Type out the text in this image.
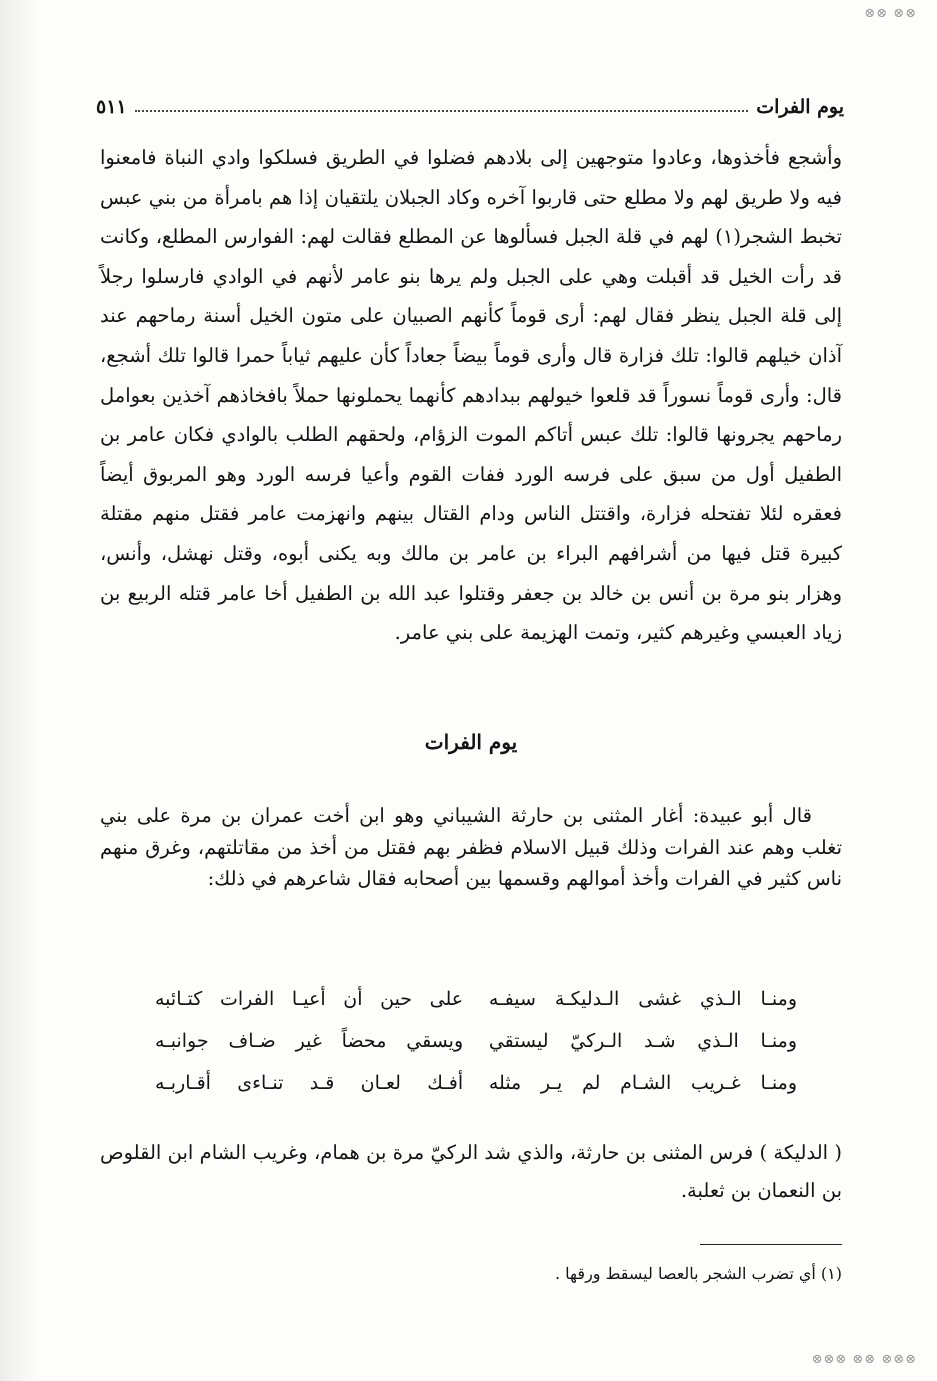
⊗⊗ ⊗⊗
يوم الفرات
٥١١

وأشجع فأخذوها، وعادوا متوجهين إلى بلادهم فضلوا في الطريق فسلكوا وادي النباة فامعنوا فيه ولا طريق لهم ولا مطلع حتى قاربوا آخره وكاد الجبلان يلتقيان إذا هم بامرأة من بني عبس تخبط الشجر(١) لهم في قلة الجبل فسألوها عن المطلع فقالت لهم: الفوارس المطلع، وكانت قد رأت الخيل قد أقبلت وهي على الجبل ولم يرها بنو عامر لأنهم في الوادي فارسلوا رجلاً إلى قلة الجبل ينظر فقال لهم: أرى قوماً كأنهم الصبيان على متون الخيل أسنة رماحهم عند آذان خيلهم قالوا: تلك فزارة قال وأرى قوماً بيضاً جعاداً كأن عليهم ثياباً حمرا قالوا تلك أشجع، قال: وأرى قوماً نسوراً قد قلعوا خيولهم ببدادهم كأنهما يحملونها حملاً بافخاذهم آخذين بعوامل رماحهم يجرونها قالوا: تلك عبس أتاكم الموت الزؤام، ولحقهم الطلب بالوادي فكان عامر بن الطفيل أول من سبق على فرسه الورد ففات القوم وأعيا فرسه الورد وهو المربوق أيضاً فعقره لئلا تفتحله فزارة، واقتتل الناس ودام القتال بينهم وانهزمت عامر فقتل منهم مقتلة كبيرة قتل فيها من أشرافهم البراء بن عامر بن مالك وبه يكنى أبوه، وقتل نهشل، وأنس، وهزار بنو مرة بن أنس بن خالد بن جعفر وقتلوا عبد الله بن الطفيل أخا عامر قتله الربيع بن زياد العبسي وغيرهم كثير، وتمت الهزيمة على بني عامر.

يوم الفرات

قال أبو عبيدة: أغار المثنى بن حارثة الشيباني وهو ابن أخت عمران بن مرة على بني تغلب وهم عند الفرات وذلك قبيل الاسلام فظفر بهم فقتل من أخذ من مقاتلتهم، وغرق منهم ناس كثير في الفرات وأخذ أموالهم وقسمها بين أصحابه فقال شاعرهم في ذلك:

ومنـا الـذي غشى الـدليكـة سيفـه
على حين أن أعيـا الفرات كتـائبه
ومنـا الـذي شـد الـركيّ ليستقي
ويسقي محضاً غير ضـاف جوانبـه
ومنـا غـريب الشـام لم يـر مثله
أفـك لعـان قـد تنـاءى أقـاربـه

( الدليكة ) فرس المثنى بن حارثة، والذي شد الركيّ مرة بن همام، وغريب الشام ابن القلوص بن النعمان بن ثعلبة.

(١) أي تضرب الشجر بالعصا ليسقط ورقها .
⊗⊗⊗ ⊗⊗ ⊗⊗⊗
